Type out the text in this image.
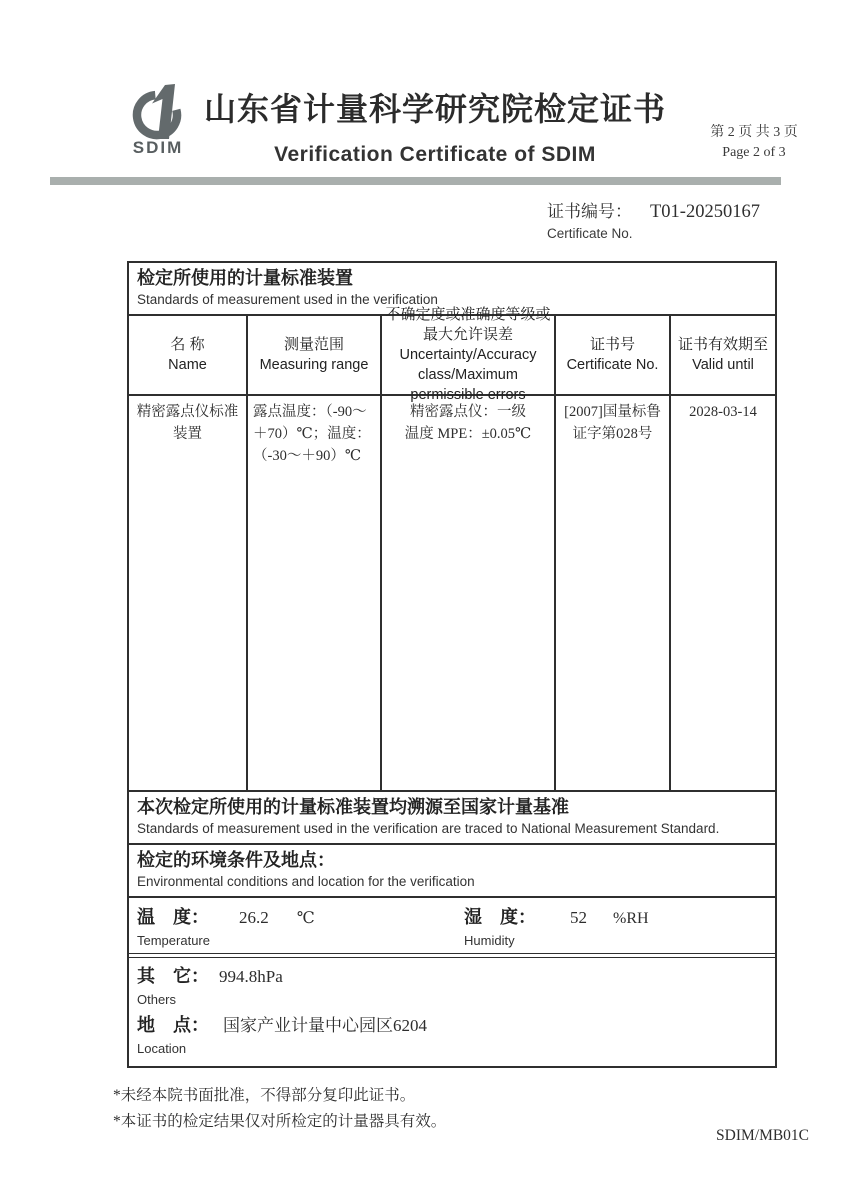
SDIM
山东省计量科学研究院检定证书
Verification Certificate of SDIM
第 2 页 共 3 页
Page 2 of 3
证书编号： T01-20250167
Certificate No.
检定所使用的计量标准装置
Standards of measurement used in the verification
名 称
Name
测量范围
Measuring range
不确定度或准确度等级或最大允许误差
Uncertainty/Accuracy class/Maximum permissible errors
证书号
Certificate No.
证书有效期至
Valid until
精密露点仪标准装置
露点温度：（-90～＋70）℃；温度：（-30～＋90）℃
精密露点仪：一级
温度 MPE：±0.05℃
[2007]国量标鲁
证字第028号
2028-03-14
本次检定所使用的计量标准装置均溯源至国家计量基准
Standards of measurement used in the verification are traced to National Measurement Standard.
检定的环境条件及地点：
Environmental conditions and location for the verification
温　度： 26.2 ℃
Temperature
湿　度： 52 %RH
Humidity
其　它： 994.8hPa
Others
地　点： 国家产业计量中心园区6204
Location
*未经本院书面批准，不得部分复印此证书。
*本证书的检定结果仅对所检定的计量器具有效。
SDIM/MB01C
